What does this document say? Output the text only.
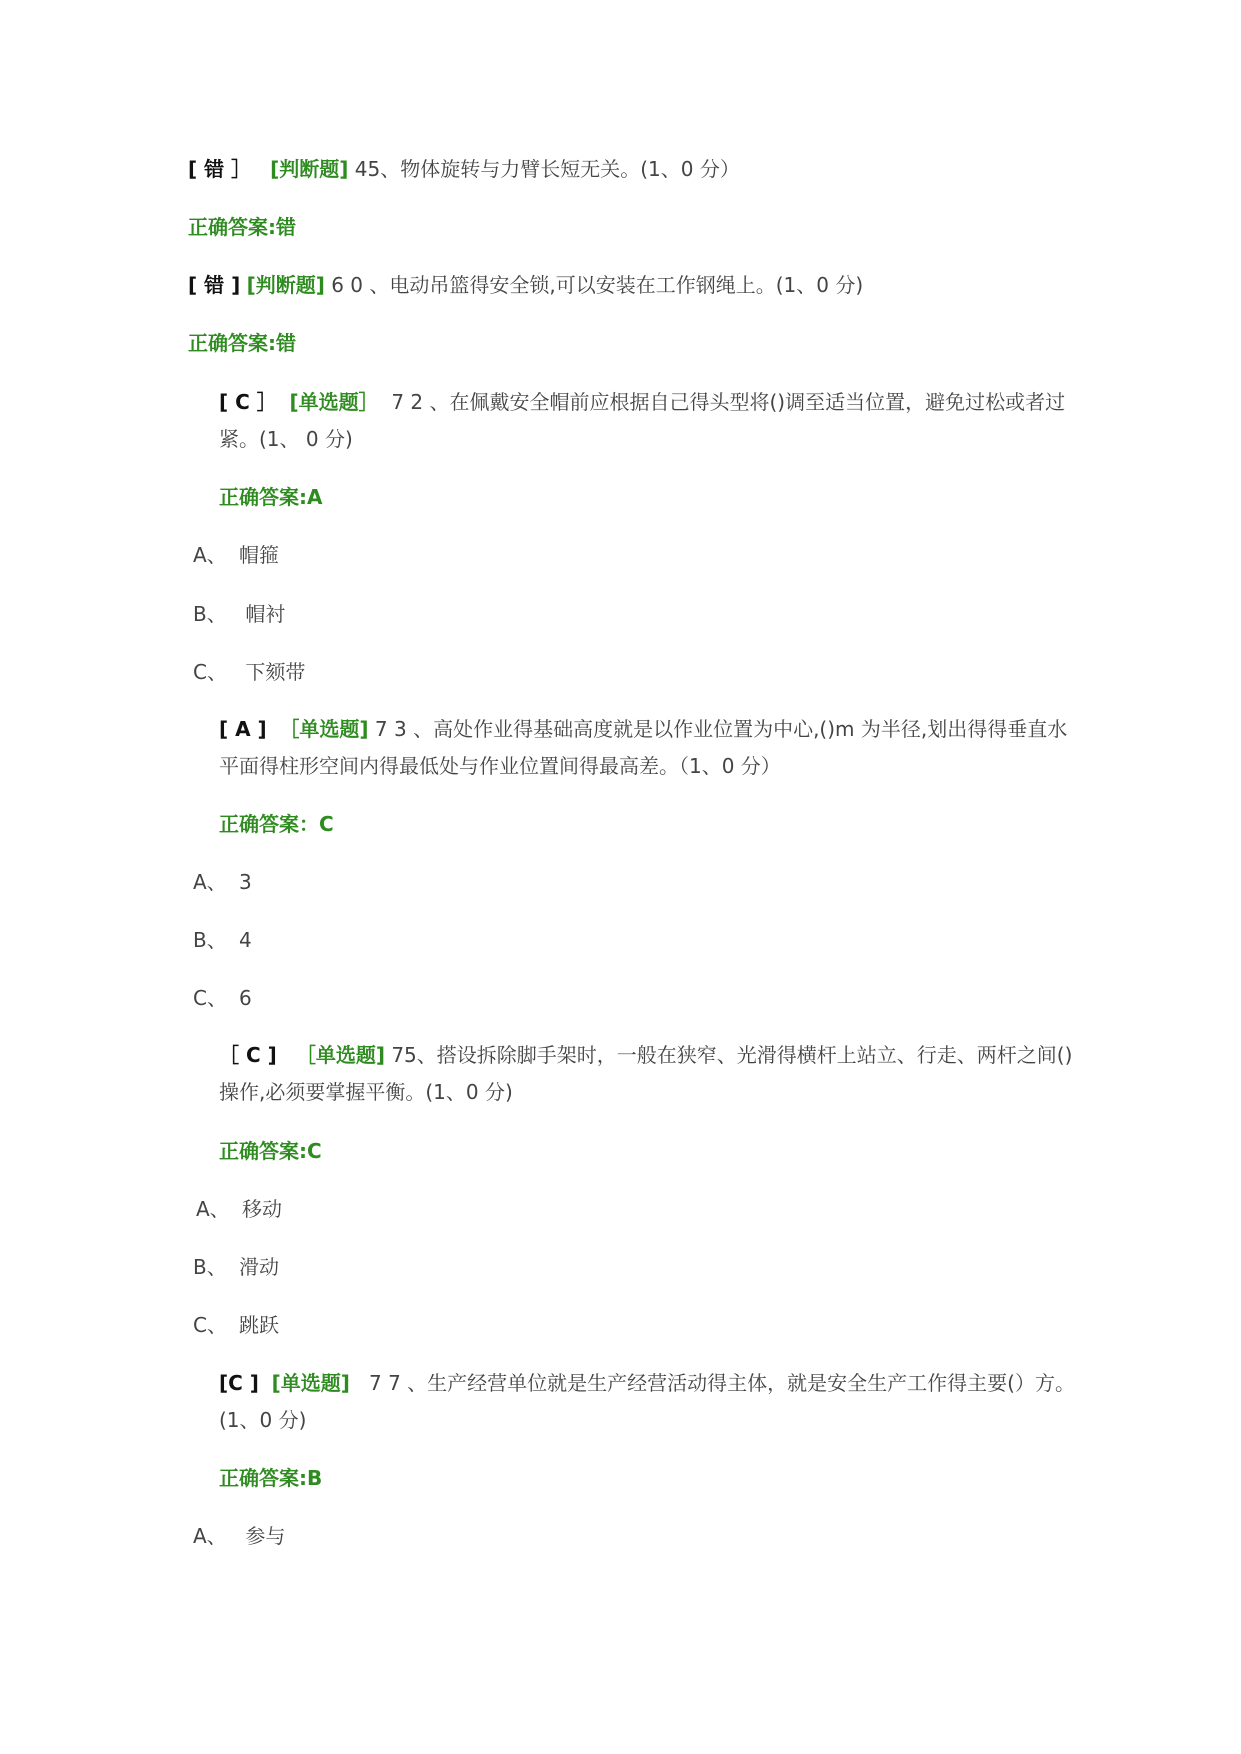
[ 错 ］ [判断题] 45、物体旋转与力臂长短无关。(1、0 分）
正确答案:错
[ 错 ] [判断题] 6 0 、电动吊篮得安全锁,可以安装在工作钢绳上。(1、0 分)
正确答案:错
[ C ］ [单选题］ 7 2 、在佩戴安全帽前应根据自己得头型将()调至适当位置，避免过松或者过紧。(1、 0 分)
正确答案:A
A、 帽箍
B、 帽衬
C、 下颏带
[ A ] ［单选题] 7 3 、高处作业得基础高度就是以作业位置为中心,()m 为半径,划出得得垂直水平面得柱形空间内得最低处与作业位置间得最高差。（1、0 分）
正确答案：C
A、 3
B、 4
C、 6
［ C ] ［单选题] 75、搭设拆除脚手架时，一般在狭窄、光滑得横杆上站立、行走、两杆之间()操作,必须要掌握平衡。(1、0 分)
正确答案:C
A、 移动
B、 滑动
C、 跳跃
[C ] [单选题] 7 7 、生产经营单位就是生产经营活动得主体，就是安全生产工作得主要(）方。(1、0 分)
正确答案:B
A、 参与
